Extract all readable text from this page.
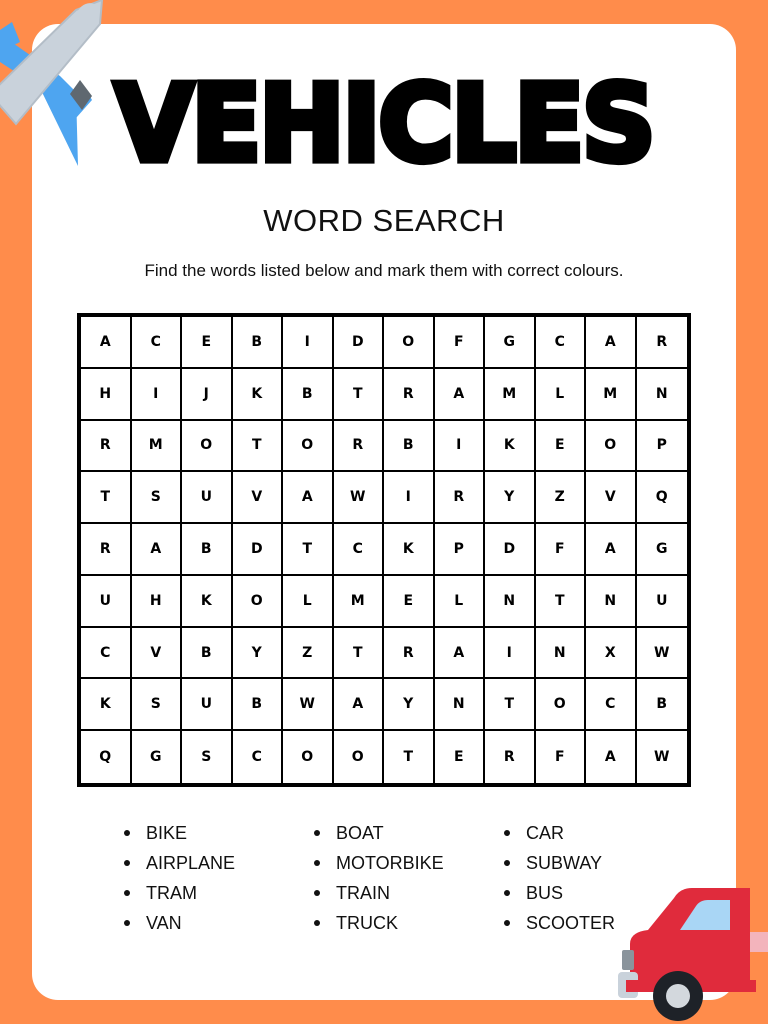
VEHICLES
WORD SEARCH
Find the words listed below and mark them with correct colours.
A	C	E	B	I	D	O	F	G	C	A	R
H	I	J	K	B	T	R	A	M	L	M	N
R	M	O	T	O	R	B	I	K	E	O	P
T	S	U	V	A	W	I	R	Y	Z	V	Q
R	A	B	D	T	C	K	P	D	F	A	G
U	H	K	O	L	M	E	L	N	T	N	U
C	V	B	Y	Z	T	R	A	I	N	X	W
K	S	U	B	W	A	Y	N	T	O	C	B
Q	G	S	C	O	O	T	E	R	F	A	W
BIKE
AIRPLANE
TRAM
VAN
BOAT
MOTORBIKE
TRAIN
TRUCK
CAR
SUBWAY
BUS
SCOOTER
